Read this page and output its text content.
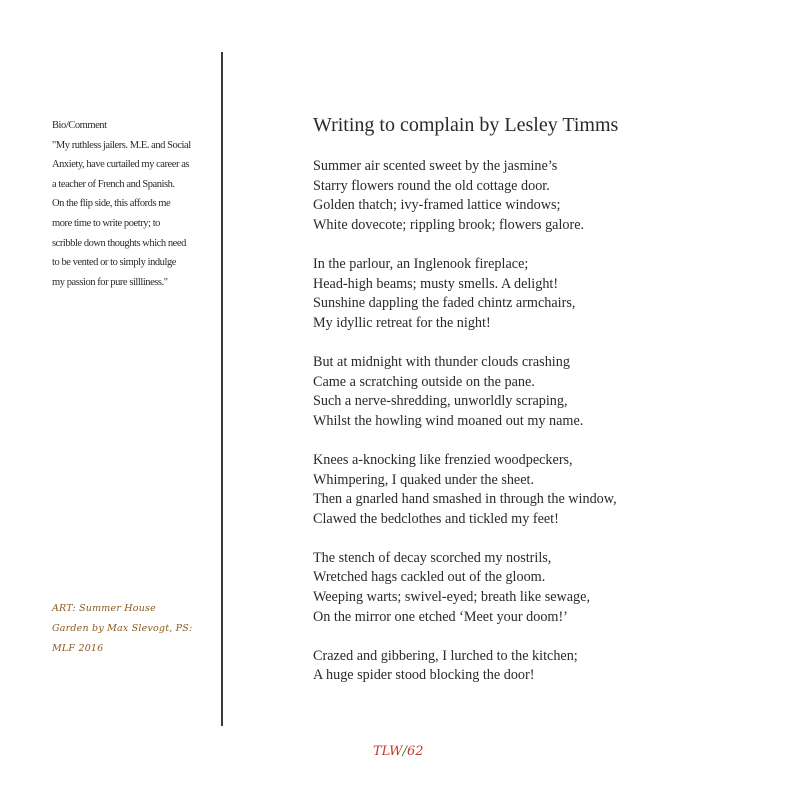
Bio/Comment
"My ruthless jailers. M.E. and Social
Anxiety, have curtailed my career as
a teacher of French and Spanish.
On the flip side, this affords me
more time to write poetry; to
scribble down thoughts which need
to be vented or to simply indulge
my passion for pure sillliness."
ART: Summer House
Garden by Max Slevogt, PS:
MLF 2016
Writing to complain by Lesley Timms
Summer air scented sweet by the jasmine’s
Starry flowers round the old cottage door.
Golden thatch; ivy-framed lattice windows;
White dovecote; rippling brook; flowers galore.
In the parlour, an Inglenook fireplace;
Head-high beams; musty smells. A delight!
Sunshine dappling the faded chintz armchairs,
My idyllic retreat for the night!
But at midnight with thunder clouds crashing
Came a scratching outside on the pane.
Such a nerve-shredding, unworldly scraping,
Whilst the howling wind moaned out my name.
Knees a-knocking like frenzied woodpeckers,
Whimpering, I quaked under the sheet.
Then a gnarled hand smashed in through the window,
Clawed the bedclothes and tickled my feet!
The stench of decay scorched my nostrils,
Wretched hags cackled out of the gloom.
Weeping warts; swivel-eyed; breath like sewage,
On the mirror one etched ‘Meet your doom!’
Crazed and gibbering, I lurched to the kitchen;
A huge spider stood blocking the door!
TLW/62
